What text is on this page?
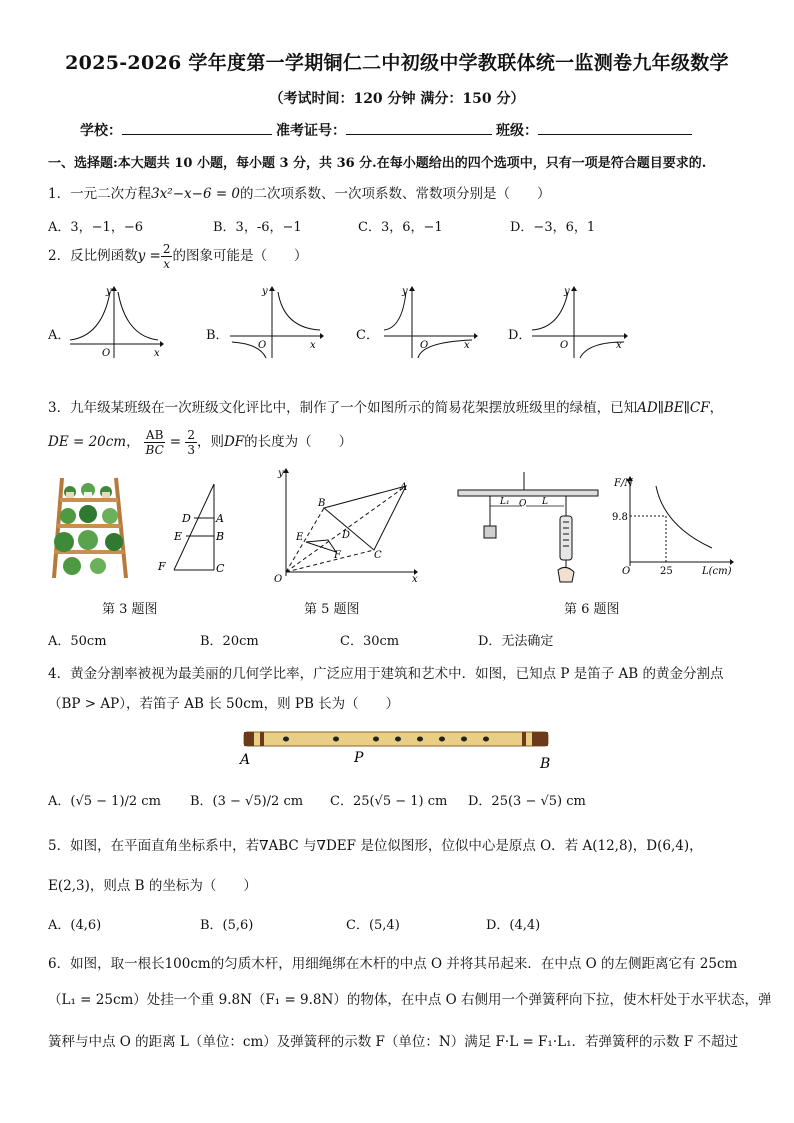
2025-2026 学年度第一学期铜仁二中初级中学教联体统一监测卷九年级数学
（考试时间：120 分钟 满分：150 分）
学校：	准考证号：	班级：
一、选择题:本大题共 10 小题，每小题 3 分，共 36 分.在每小题给出的四个选项中，只有一项是符合题目要求的.
1．一元二次方程3x²−x−6 = 0的二次项系数、一次项系数、常数项分别是（　　）
A．3，−1，−6	B．3，-6，−1	C．3，6，−1	D．−3，6，1
2．反比例函数$y = \frac{2}{x}$ 的图象可能是（　　）
A．	B．	C．	D．
y
O	x
y
O	x
y
O	x
y
O	x
3．九年级某班级在一次班级文化评比中，制作了一个如图所示的简易花架摆放班级里的绿植，已知AD∥BE∥CF，
DE = 20cm， $\frac{AB}{BC} = \frac{2}{3}$ ，则DF的长度为（　　）
D A
E	B
F	C
y
A
B
E	D
F	C
O	x
L₁ O L
F/N
9.8
O	25	L(cm)
第 3 题图	第 5 题图	第 6 题图
A．50cm	B．20cm	C．30cm	D．无法确定
4．黄金分割率被视为最美丽的几何学比率，广泛应用于建筑和艺术中．如图，已知点 P 是笛子 AB 的黄金分割点
（BP > AP），若笛子 AB 长 50cm，则 PB 长为（　　）
A	P	B
A．(√5 − 1)/2 cm B．(3 − √5)/2 cm C．25(√5 − 1) cm D．25(3 − √5) cm
5．如图，在平面直角坐标系中，若∇ABC 与∇DEF 是位似图形，位似中心是原点 O．若 A(12,8)，D(6,4)，
E(2,3)，则点 B 的坐标为（　　）
A．(4,6)	B．(5,6)	C．(5,4)	D．(4,4)
6．如图，取一根长100cm的匀质木杆，用细绳绑在木杆的中点 O 并将其吊起来．在中点 O 的左侧距离它有 25cm
（L₁ = 25cm）处挂一个重 9.8N（F₁ = 9.8N）的物体，在中点 O 右侧用一个弹簧秤向下拉，使木杆处于水平状态，弹
簧秤与中点 O 的距离 L（单位：cm）及弹簧秤的示数 F（单位：N）满足 F·L = F₁·L₁．若弹簧秤的示数 F 不超过
